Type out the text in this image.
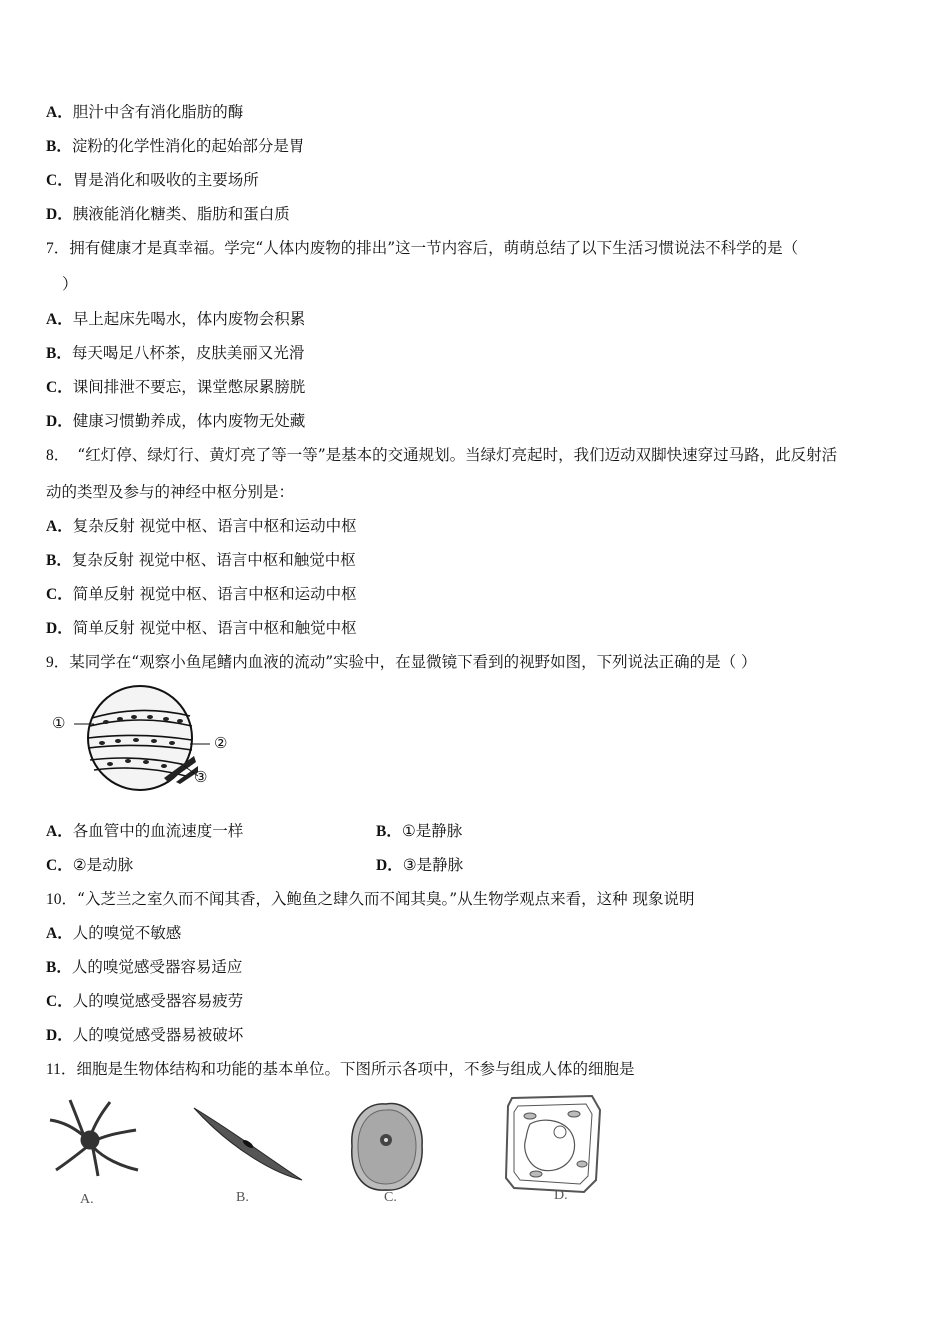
A．胆汁中含有消化脂肪的酶
B．淀粉的化学性消化的起始部分是胃
C．胃是消化和吸收的主要场所
D．胰液能消化糖类、脂肪和蛋白质
7．拥有健康才是真幸福。学完“人体内废物的排出”这一节内容后，萌萌总结了以下生活习惯说法不科学的是（
）
A．早上起床先喝水，体内废物会积累
B．每天喝足八杯茶，皮肤美丽又光滑
C．课间排泄不要忘，课堂憋尿累膀胱
D．健康习惯勤养成，体内废物无处藏
8． “红灯停、绿灯行、黄灯亮了等一等”是基本的交通规划。当绿灯亮起时，我们迈动双脚快速穿过马路，此反射活
动的类型及参与的神经中枢分别是：
A．复杂反射 视觉中枢、语言中枢和运动中枢
B．复杂反射 视觉中枢、语言中枢和触觉中枢
C．简单反射 视觉中枢、语言中枢和运动中枢
D．简单反射 视觉中枢、语言中枢和触觉中枢
9．某同学在“观察小鱼尾鳍内血液的流动”实验中，在显微镜下看到的视野如图，下列说法正确的是（ ）
①
②
③
A．各血管中的血流速度一样	B．①是静脉
C．②是动脉	D．③是静脉
10．“入芝兰之室久而不闻其香，入鲍鱼之肆久而不闻其臭。”从生物学观点来看，这种 现象说明
A．人的嗅觉不敏感
B．人的嗅觉感受器容易适应
C．人的嗅觉感受器容易疲劳
D．人的嗅觉感受器易被破坏
11．细胞是生物体结构和功能的基本单位。下图所示各项中，不参与组成人体的细胞是
A.	B.	C.	D.
